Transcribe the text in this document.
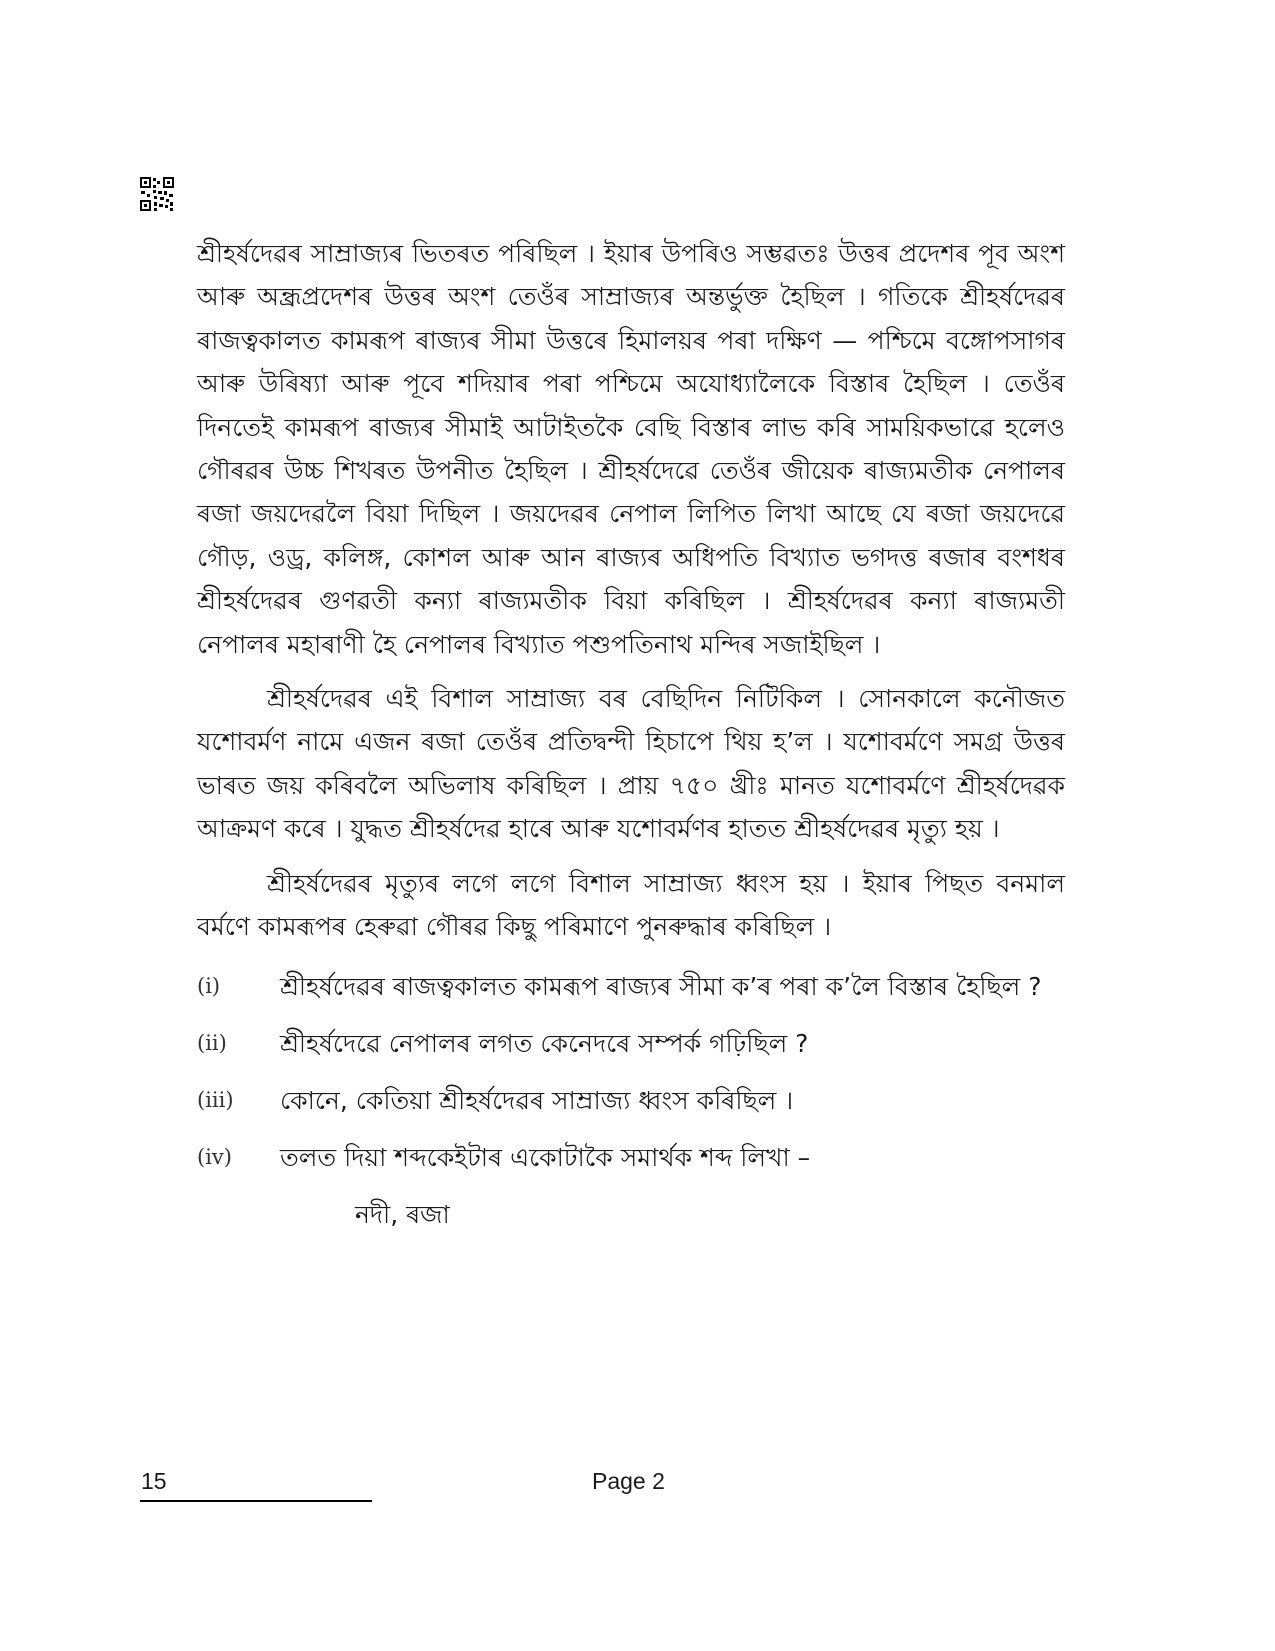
শ্ৰীহৰ্ষদেৱৰ সাম্ৰাজ্যৰ ভিতৰত পৰিছিল । ইয়াৰ উপৰিও সম্ভৱতঃ উত্তৰ প্ৰদেশৰ পূব অংশ আৰু অন্ধ্ৰপ্ৰদেশৰ উত্তৰ অংশ তেওঁৰ সাম্ৰাজ্যৰ অন্তৰ্ভুক্ত হৈছিল । গতিকে শ্ৰীহৰ্ষদেৱৰ ৰাজত্বকালত কামৰূপ ৰাজ্যৰ সীমা উত্তৰে হিমালয়ৰ পৰা দক্ষিণ — পশ্চিমে বঙ্গোপসাগৰ আৰু উৰিষ্যা আৰু পূবে শদিয়াৰ পৰা পশ্চিমে অযোধ্যালৈকে বিস্তাৰ হৈছিল । তেওঁৰ দিনতেই কামৰূপ ৰাজ্যৰ সীমাই আটাইতকৈ বেছি বিস্তাৰ লাভ কৰি সাময়িকভাৱে হলেও গৌৰৱৰ উচ্চ শিখৰত উপনীত হৈছিল । শ্ৰীহৰ্ষদেৱে তেওঁৰ জীয়েক ৰাজ্যমতীক নেপালৰ ৰজা জয়দেৱলৈ বিয়া দিছিল । জয়দেৱৰ নেপাল লিপিত লিখা আছে যে ৰজা জয়দেৱে গৌড়, ওড্ৰ, কলিঙ্গ, কোশল আৰু আন ৰাজ্যৰ অধিপতি বিখ্যাত ভগদত্ত ৰজাৰ বংশধৰ শ্ৰীহৰ্ষদেৱৰ গুণৱতী কন্যা ৰাজ্যমতীক বিয়া কৰিছিল । শ্ৰীহৰ্ষদেৱৰ কন্যা ৰাজ্যমতী নেপালৰ মহাৰাণী হৈ নেপালৰ বিখ্যাত পশুপতিনাথ মন্দিৰ সজাইছিল ।

শ্ৰীহৰ্ষদেৱৰ এই বিশাল সাম্ৰাজ্য বৰ বেছিদিন নিটিকিল । সোনকালে কনৌজত যশোবৰ্মণ নামে এজন ৰজা তেওঁৰ প্ৰতিদ্বন্দী হিচাপে থিয় হ’ল । যশোবৰ্মণে সমগ্ৰ উত্তৰ ভাৰত জয় কৰিবলৈ অভিলাষ কৰিছিল । প্ৰায় ৭৫০ খ্ৰীঃ মানত যশোবৰ্মণে শ্ৰীহৰ্ষদেৱক আক্ৰমণ কৰে । যুদ্ধত শ্ৰীহৰ্ষদেৱ হাৰে আৰু যশোবৰ্মণৰ হাতত শ্ৰীহৰ্ষদেৱৰ মৃত্যু হয় ।

শ্ৰীহৰ্ষদেৱৰ মৃত্যুৰ লগে লগে বিশাল সাম্ৰাজ্য ধ্বংস হয় । ইয়াৰ পিছত বনমাল বৰ্মণে কামৰূপৰ হেৰুৱা গৌৰৱ কিছু পৰিমাণে পুনৰুদ্ধাৰ কৰিছিল ।

(i)	শ্ৰীহৰ্ষদেৱৰ ৰাজত্বকালত কামৰূপ ৰাজ্যৰ সীমা ক’ৰ পৰা ক’লৈ বিস্তাৰ হৈছিল ?
(ii)	শ্ৰীহৰ্ষদেৱে নেপালৰ লগত কেনেদৰে সম্পৰ্ক গঢ়িছিল ?
(iii)	কোনে, কেতিয়া শ্ৰীহৰ্ষদেৱৰ সাম্ৰাজ্য ধ্বংস কৰিছিল ।
(iv)	তলত দিয়া শব্দকেইটাৰ একোটাকৈ সমাৰ্থক শব্দ লিখা –
নদী, ৰজা
15	Page 2
